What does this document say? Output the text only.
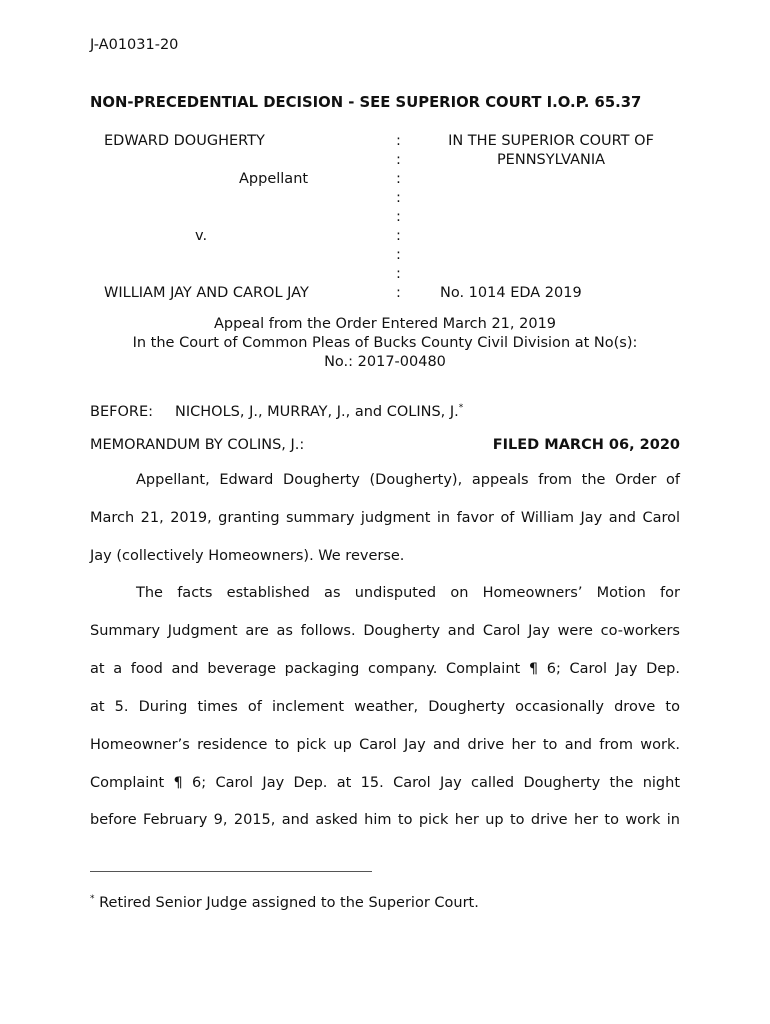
J-A01031-20
NON-PRECEDENTIAL DECISION - SEE SUPERIOR COURT I.O.P. 65.37
EDWARD DOUGHERTY
Appellant
v.
WILLIAM JAY AND CAROL JAY
:
:
:
:
:
:
:
:
:
IN THE SUPERIOR COURT OF
PENNSYLVANIA
No. 1014 EDA 2019
Appeal from the Order Entered March 21, 2019
In the Court of Common Pleas of Bucks County Civil Division at No(s):
No.: 2017-00480
BEFORE: NICHOLS, J., MURRAY, J., and COLINS, J.*
MEMORANDUM BY COLINS, J.:	FILED MARCH 06, 2020
Appellant, Edward Dougherty (Dougherty), appeals from the Order of
March 21, 2019, granting summary judgment in favor of William Jay and Carol
Jay (collectively Homeowners). We reverse.
The facts established as undisputed on Homeowners’ Motion for
Summary Judgment are as follows. Dougherty and Carol Jay were co-workers
at a food and beverage packaging company. Complaint ¶ 6; Carol Jay Dep.
at 5. During times of inclement weather, Dougherty occasionally drove to
Homeowner’s residence to pick up Carol Jay and drive her to and from work.
Complaint ¶ 6; Carol Jay Dep. at 15. Carol Jay called Dougherty the night
before February 9, 2015, and asked him to pick her up to drive her to work in
* Retired Senior Judge assigned to the Superior Court.
